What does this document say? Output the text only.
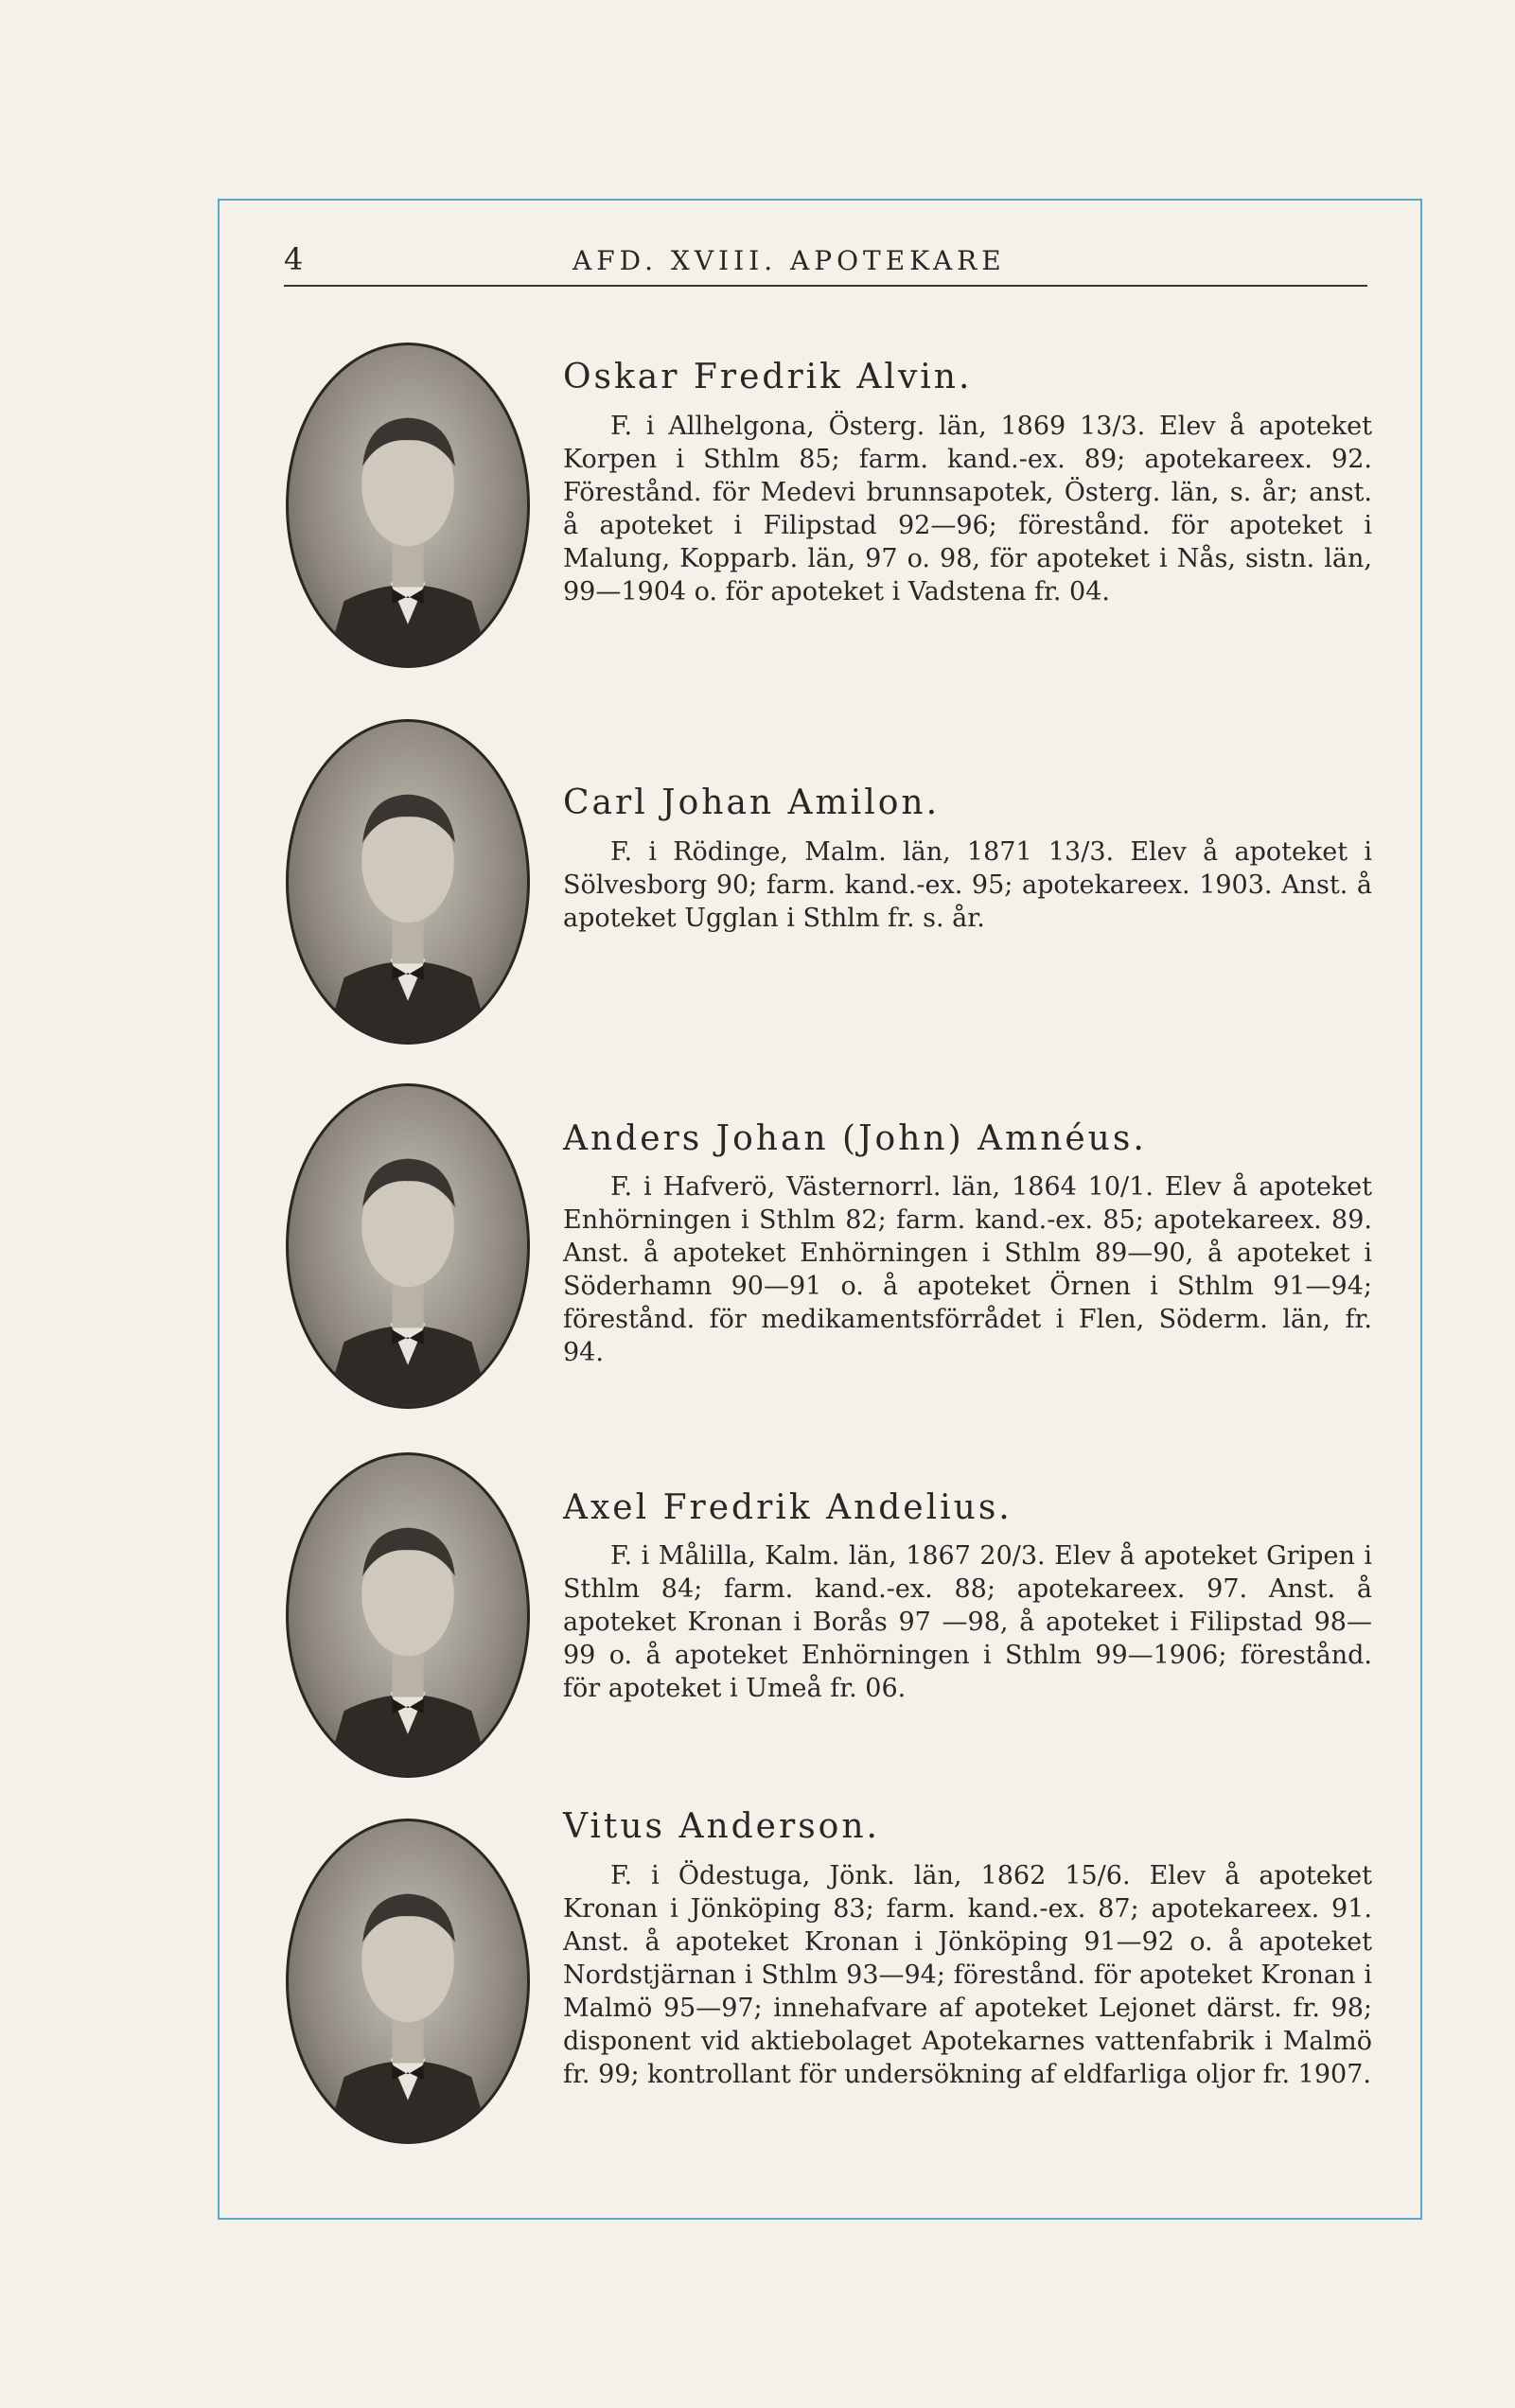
4	AFD. XVIII. APOTEKARE
Oskar Fredrik Alvin.

F. i Allhelgona, Österg. län, 1869 13/3. Elev å apoteket Korpen i Sthlm 85; farm. kand.-ex. 89; apotekareex. 92. Förestånd. för Medevi brunnsapotek, Österg. län, s. år; anst. å apoteket i Filipstad 92—96; förestånd. för apoteket i Malung, Kopparb. län, 97 o. 98, för apoteket i Nås, sistn. län, 99—1904 o. för apoteket i Vadstena fr. 04.

Carl Johan Amilon.

F. i Rödinge, Malm. län, 1871 13/3. Elev å apoteket i Sölvesborg 90; farm. kand.-ex. 95; apotekareex. 1903. Anst. å apoteket Ugglan i Sthlm fr. s. år.

Anders Johan (John) Amnéus.

F. i Hafverö, Västernorrl. län, 1864 10/1. Elev å apoteket Enhörningen i Sthlm 82; farm. kand.-ex. 85; apotekareex. 89. Anst. å apoteket Enhörningen i Sthlm 89—90, å apoteket i Söderhamn 90—91 o. å apoteket Örnen i Sthlm 91—94; förestånd. för medikamentsförrådet i Flen, Söderm. län, fr. 94.

Axel Fredrik Andelius.

F. i Målilla, Kalm. län, 1867 20/3. Elev å apoteket Gripen i Sthlm 84; farm. kand.-ex. 88; apotekareex. 97. Anst. å apoteket Kronan i Borås 97 —98, å apoteket i Filipstad 98—99 o. å apoteket Enhörningen i Sthlm 99—1906; förestånd. för apoteket i Umeå fr. 06.

Vitus Anderson.

F. i Ödestuga, Jönk. län, 1862 15/6. Elev å apoteket Kronan i Jönköping 83; farm. kand.-ex. 87; apotekareex. 91. Anst. å apoteket Kronan i Jönköping 91—92 o. å apoteket Nordstjärnan i Sthlm 93—94; förestånd. för apoteket Kronan i Malmö 95—97; innehafvare af apoteket Lejonet därst. fr. 98; disponent vid aktiebolaget Apotekarnes vattenfabrik i Malmö fr. 99; kontrollant för undersökning af eldfarliga oljor fr. 1907.
